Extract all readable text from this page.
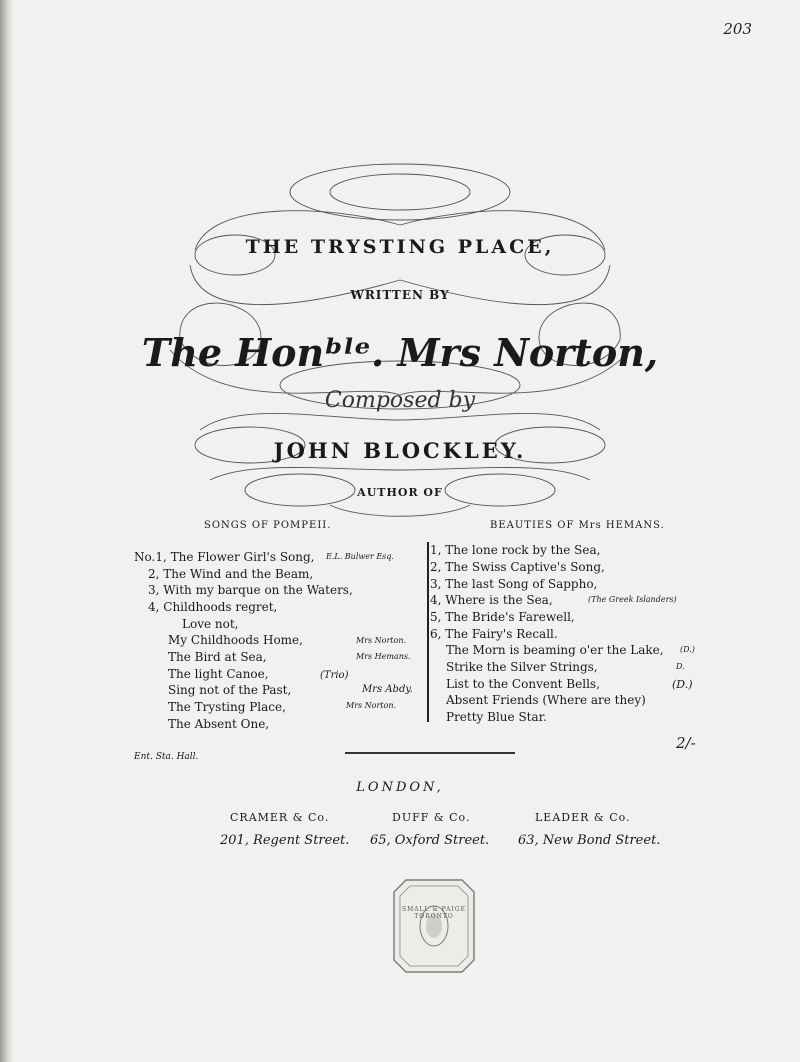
203
THE TRYSTING PLACE,
WRITTEN BY
The Honᵇˡᵉ. Mrs Norton,
Composed by
JOHN BLOCKLEY.
AUTHOR OF
SONGS OF POMPEII.	BEAUTIES OF Mrs HEMANS.
No.1, The Flower Girl's Song, E.L. Bulwer Esq.
2, The Wind and the Beam,
3, With my barque on the Waters,
4, Childhoods regret,
Love not,
My Childhoods Home,	Mrs Norton.
The Bird at Sea,	Mrs Hemans.
The light Canoe,	(Trio)
Sing not of the Past,	Mrs Abdy.
The Trysting Place,	Mrs Norton.
The Absent One,
1, The lone rock by the Sea,
2, The Swiss Captive's Song,
3, The last Song of Sappho,
4, Where is the Sea,	(The Greek Islanders)
5, The Bride's Farewell,
6, The Fairy's Recall.
The Morn is beaming o'er the Lake, (D.)
Strike the Silver Strings,	D.
List to the Convent Bells,	(D.)
Absent Friends (Where are they)
Pretty Blue Star.
Ent. Sta. Hall.
2/-
LONDON,
CRAMER & Co.
201, Regent Street.
DUFF & Co.
65, Oxford Street.
LEADER & Co.
63, New Bond Street.
SMALL & PAIGE TORONTO
